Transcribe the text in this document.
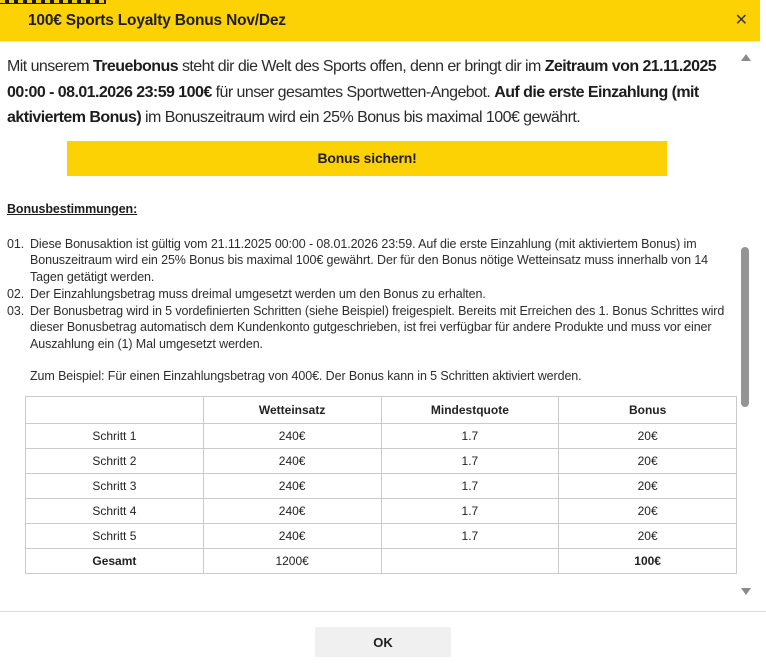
100€ Sports Loyalty Bonus Nov/Dez	✕

Mit unserem Treuebonus steht dir die Welt des Sports offen, denn er bringt dir im Zeitraum von 21.11.2025 00:00 - 08.01.2026 23:59 100€ für unser gesamtes Sportwetten-Angebot. Auf die erste Einzahlung (mit aktiviertem Bonus) im Bonuszeitraum wird ein 25% Bonus bis maximal 100€ gewährt.

Bonus sichern!
Bonusbestimmungen:
01. Diese Bonusaktion ist gültig vom 21.11.2025 00:00 - 08.01.2026 23:59. Auf die erste Einzahlung (mit aktiviertem Bonus) im Bonuszeitraum wird ein 25% Bonus bis maximal 100€ gewährt. Der für den Bonus nötige Wetteinsatz muss innerhalb von 14 Tagen getätigt werden.
02. Der Einzahlungsbetrag muss dreimal umgesetzt werden um den Bonus zu erhalten.
03. Der Bonusbetrag wird in 5 vordefinierten Schritten (siehe Beispiel) freigespielt. Bereits mit Erreichen des 1. Bonus Schrittes wird dieser Bonusbetrag automatisch dem Kundenkonto gutgeschrieben, ist frei verfügbar für andere Produkte und muss vor einer Auszahlung ein (1) Mal umgesetzt werden.

Zum Beispiel: Für einen Einzahlungsbetrag von 400€. Der Bonus kann in 5 Schritten aktiviert werden.

	Wetteinsatz	Mindestquote	Bonus
Schritt 1	240€	1.7	20€
Schritt 2	240€	1.7	20€
Schritt 3	240€	1.7	20€
Schritt 4	240€	1.7	20€
Schritt 5	240€	1.7	20€
Gesamt	1200€		100€
OK
